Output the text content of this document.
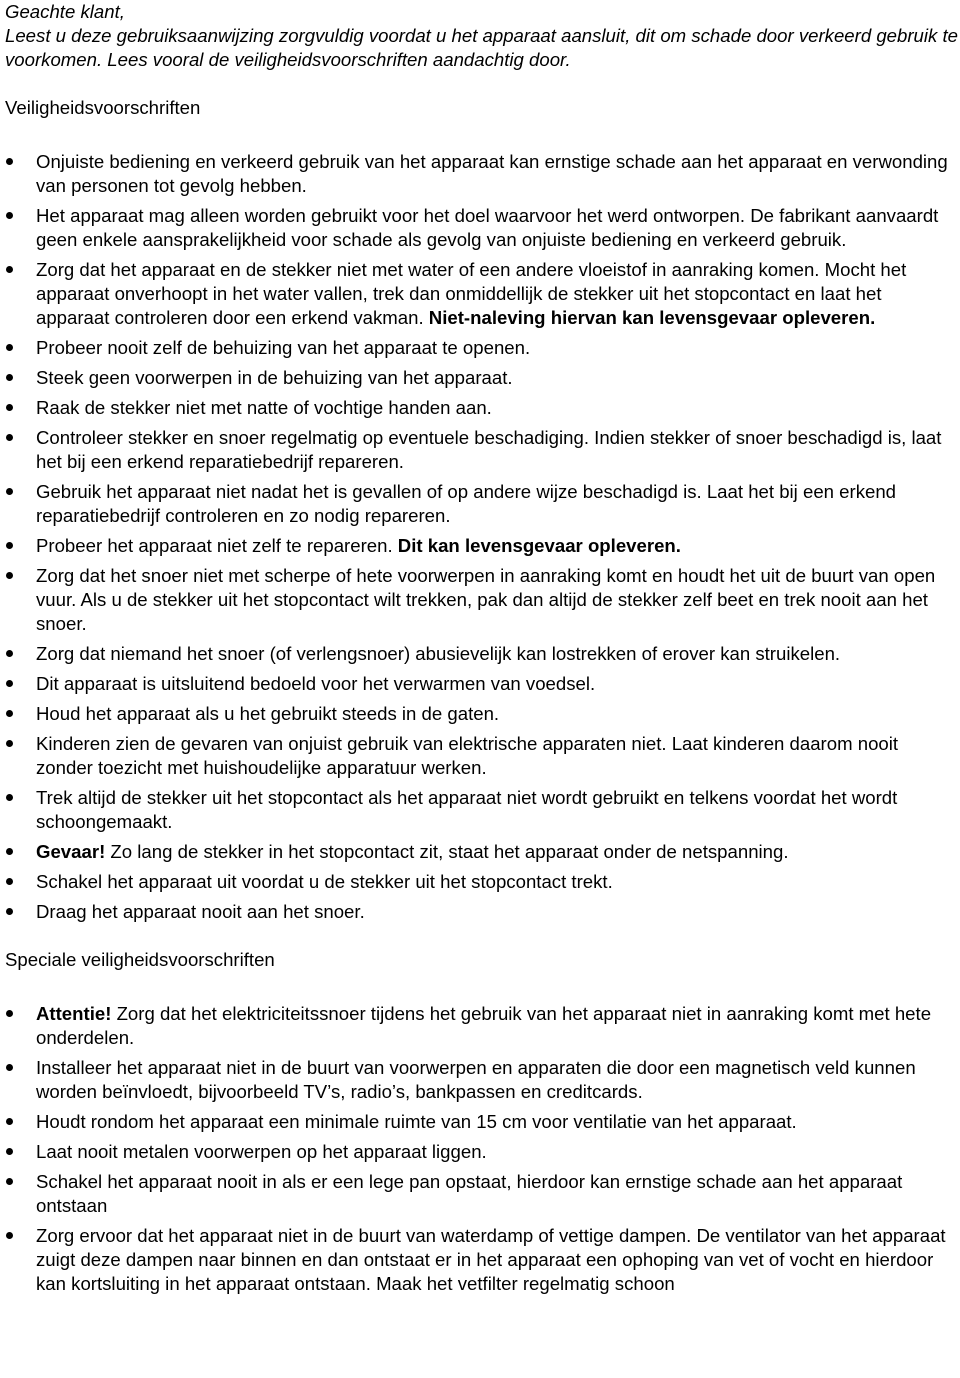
Geachte klant,

Leest u deze gebruiksaanwijzing zorgvuldig voordat u het apparaat aansluit, dit om schade door verkeerd gebruik te voorkomen. Lees vooral de veiligheidsvoorschriften aandachtig door.

Veiligheidsvoorschriften
Onjuiste bediening en verkeerd gebruik van het apparaat kan ernstige schade aan het apparaat en verwonding van personen tot gevolg hebben.
Het apparaat mag alleen worden gebruikt voor het doel waarvoor het werd ontworpen. De fabrikant aanvaardt geen enkele aansprakelijkheid voor schade als gevolg van onjuiste bediening en verkeerd gebruik.
Zorg dat het apparaat en de stekker niet met water of een andere vloeistof in aanraking komen. Mocht het apparaat onverhoopt in het water vallen, trek dan onmiddellijk de stekker uit het stopcontact en laat het apparaat controleren door een erkend vakman. Niet-naleving hiervan kan levensgevaar opleveren.
Probeer nooit zelf de behuizing van het apparaat te openen.
Steek geen voorwerpen in de behuizing van het apparaat.
Raak de stekker niet met natte of vochtige handen aan.
Controleer stekker en snoer regelmatig op eventuele beschadiging. Indien stekker of snoer beschadigd is, laat het bij een erkend reparatiebedrijf repareren.
Gebruik het apparaat niet nadat het is gevallen of op andere wijze beschadigd is. Laat het bij een erkend reparatiebedrijf controleren en zo nodig repareren.
Probeer het apparaat niet zelf te repareren. Dit kan levensgevaar opleveren.
Zorg dat het snoer niet met scherpe of hete voorwerpen in aanraking komt en houdt het uit de buurt van open vuur. Als u de stekker uit het stopcontact wilt trekken, pak dan altijd de stekker zelf beet en trek nooit aan het snoer.
Zorg dat niemand het snoer (of verlengsnoer) abusievelijk kan lostrekken of erover kan struikelen.
Dit apparaat is uitsluitend bedoeld voor het verwarmen van voedsel.
Houd het apparaat als u het gebruikt steeds in de gaten.
Kinderen zien de gevaren van onjuist gebruik van elektrische apparaten niet. Laat kinderen daarom nooit zonder toezicht met huishoudelijke apparatuur werken.
Trek altijd de stekker uit het stopcontact als het apparaat niet wordt gebruikt en telkens voordat het wordt schoongemaakt.
Gevaar! Zo lang de stekker in het stopcontact zit, staat het apparaat onder de netspanning.
Schakel het apparaat uit voordat u de stekker uit het stopcontact trekt.
Draag het apparaat nooit aan het snoer.
Speciale veiligheidsvoorschriften
Attentie! Zorg dat het elektriciteitssnoer tijdens het gebruik van het apparaat niet in aanraking komt met hete onderdelen.
Installeer het apparaat niet in de buurt van voorwerpen en apparaten die door een magnetisch veld kunnen worden beïnvloedt, bijvoorbeeld TV’s, radio’s, bankpassen en creditcards.
Houdt rondom het apparaat een minimale ruimte van 15 cm voor ventilatie van het apparaat.
Laat nooit metalen voorwerpen op het apparaat liggen.
Schakel het apparaat nooit in als er een lege pan opstaat, hierdoor kan ernstige schade aan het apparaat ontstaan
Zorg ervoor dat het apparaat niet in de buurt van waterdamp of vettige dampen. De ventilator van het apparaat zuigt deze dampen naar binnen en dan ontstaat er in het apparaat een ophoping van vet of vocht en hierdoor kan kortsluiting in het apparaat ontstaan. Maak het vetfilter regelmatig schoon
